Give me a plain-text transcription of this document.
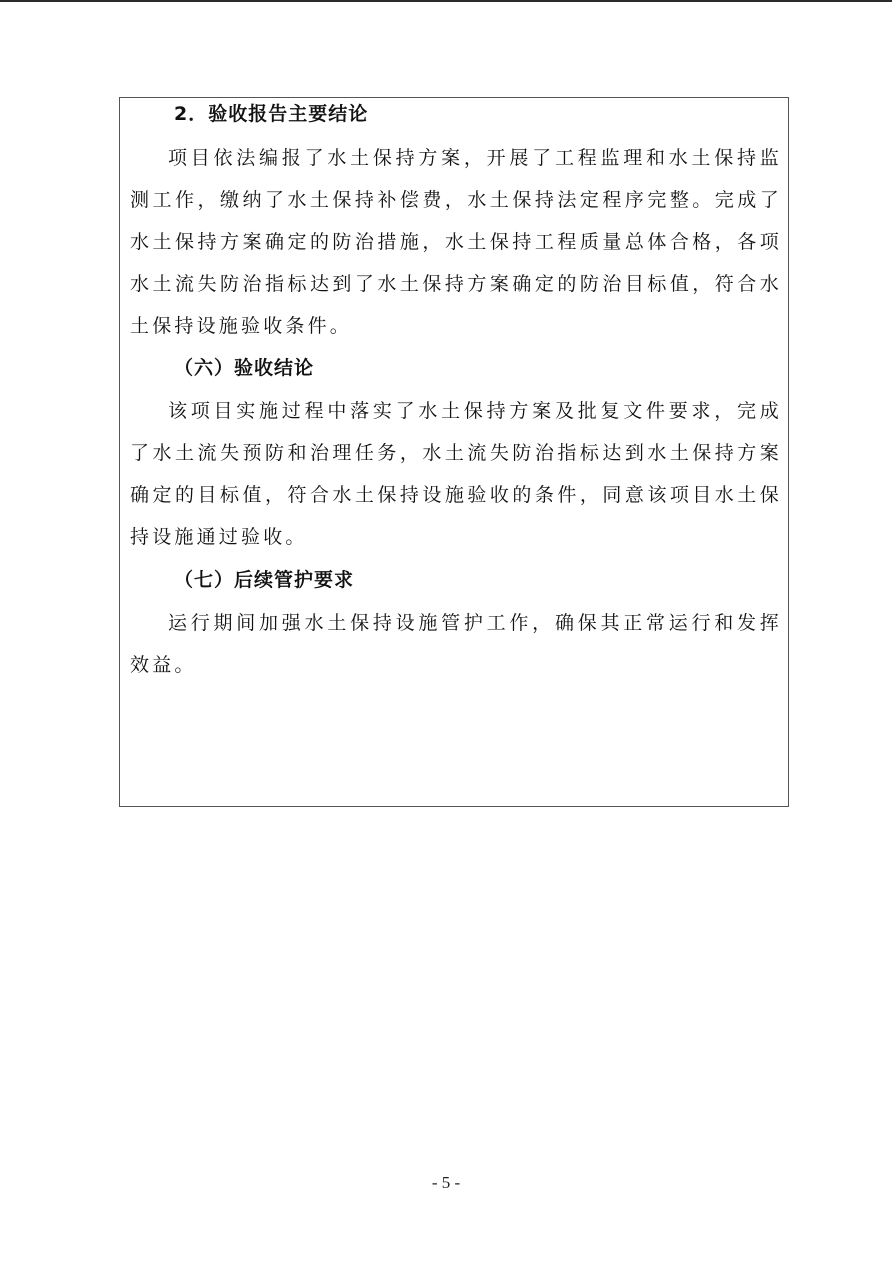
2．验收报告主要结论

项目依法编报了水土保持方案，开展了工程监理和水土保持监测工作，缴纳了水土保持补偿费，水土保持法定程序完整。完成了水土保持方案确定的防治措施，水土保持工程质量总体合格，各项水土流失防治指标达到了水土保持方案确定的防治目标值，符合水土保持设施验收条件。

（六）验收结论

该项目实施过程中落实了水土保持方案及批复文件要求，完成了水土流失预防和治理任务，水土流失防治指标达到水土保持方案确定的目标值，符合水土保持设施验收的条件，同意该项目水土保持设施通过验收。

（七）后续管护要求

运行期间加强水土保持设施管护工作，确保其正常运行和发挥效益。

- 5 -
